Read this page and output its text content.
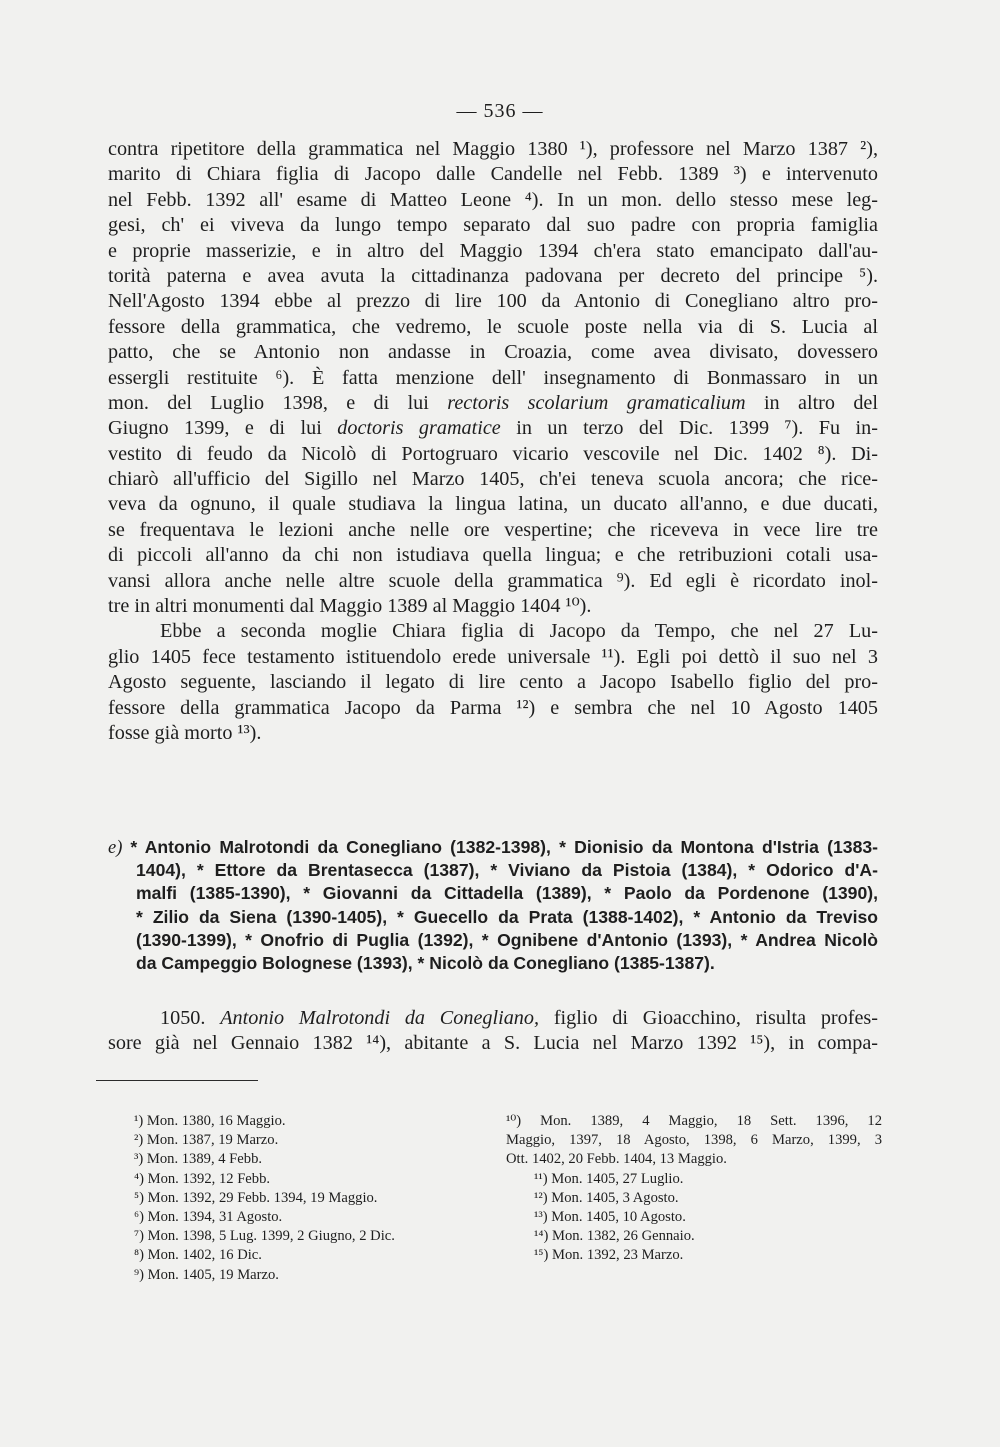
— 536 —
contra ripetitore della grammatica nel Maggio 1380 ¹), professore nel Marzo 1387 ²),
marito di Chiara figlia di Jacopo dalle Candelle nel Febb. 1389 ³) e intervenuto
nel Febb. 1392 all' esame di Matteo Leone ⁴). In un mon. dello stesso mese leg-
gesi, ch' ei viveva da lungo tempo separato dal suo padre con propria famiglia
e proprie masserizie, e in altro del Maggio 1394 ch'era stato emancipato dall'au-
torità paterna e avea avuta la cittadinanza padovana per decreto del principe ⁵).
Nell'Agosto 1394 ebbe al prezzo di lire 100 da Antonio di Conegliano altro pro-
fessore della grammatica, che vedremo, le scuole poste nella via di S. Lucia al
patto, che se Antonio non andasse in Croazia, come avea divisato, dovessero
essergli restituite ⁶). È fatta menzione dell' insegnamento di Bonmassaro in un
mon. del Luglio 1398, e di lui rectoris scolarium gramaticalium in altro del
Giugno 1399, e di lui doctoris gramatice in un terzo del Dic. 1399 ⁷). Fu in-
vestito di feudo da Nicolò di Portogruaro vicario vescovile nel Dic. 1402 ⁸). Di-
chiarò all'ufficio del Sigillo nel Marzo 1405, ch'ei teneva scuola ancora; che rice-
veva da ognuno, il quale studiava la lingua latina, un ducato all'anno, e due ducati,
se frequentava le lezioni anche nelle ore vespertine; che riceveva in vece lire tre
di piccoli all'anno da chi non istudiava quella lingua; e che retribuzioni cotali usa-
vansi allora anche nelle altre scuole della grammatica ⁹). Ed egli è ricordato inol-
tre in altri monumenti dal Maggio 1389 al Maggio 1404 ¹⁰).
Ebbe a seconda moglie Chiara figlia di Jacopo da Tempo, che nel 27 Lu-
glio 1405 fece testamento istituendolo erede universale ¹¹). Egli poi dettò il suo nel 3
Agosto seguente, lasciando il legato di lire cento a Jacopo Isabello figlio del pro-
fessore della grammatica Jacopo da Parma ¹²) e sembra che nel 10 Agosto 1405
fosse già morto ¹³).
e) * Antonio Malrotondi da Conegliano (1382-1398), * Dionisio da Montona d'Istria (1383-
1404), * Ettore da Brentasecca (1387), * Viviano da Pistoia (1384), * Odorico d'A-
malfi (1385-1390), * Giovanni da Cittadella (1389), * Paolo da Pordenone (1390),
* Zilio da Siena (1390-1405), * Guecello da Prata (1388-1402), * Antonio da Treviso
(1390-1399), * Onofrio di Puglia (1392), * Ognibene d'Antonio (1393), * Andrea Nicolò
da Campeggio Bolognese (1393), * Nicolò da Conegliano (1385-1387).
1050. Antonio Malrotondi da Conegliano, figlio di Gioacchino, risulta profes-
sore già nel Gennaio 1382 ¹⁴), abitante a S. Lucia nel Marzo 1392 ¹⁵), in compa-
¹) Mon. 1380, 16 Maggio.
²) Mon. 1387, 19 Marzo.
³) Mon. 1389, 4 Febb.
⁴) Mon. 1392, 12 Febb.
⁵) Mon. 1392, 29 Febb. 1394, 19 Maggio.
⁶) Mon. 1394, 31 Agosto.
⁷) Mon. 1398, 5 Lug. 1399, 2 Giugno, 2 Dic.
⁸) Mon. 1402, 16 Dic.
⁹) Mon. 1405, 19 Marzo.
¹⁰) Mon. 1389, 4 Maggio, 18 Sett. 1396, 12
Maggio, 1397, 18 Agosto, 1398, 6 Marzo, 1399, 3
Ott. 1402, 20 Febb. 1404, 13 Maggio.
¹¹) Mon. 1405, 27 Luglio.
¹²) Mon. 1405, 3 Agosto.
¹³) Mon. 1405, 10 Agosto.
¹⁴) Mon. 1382, 26 Gennaio.
¹⁵) Mon. 1392, 23 Marzo.
